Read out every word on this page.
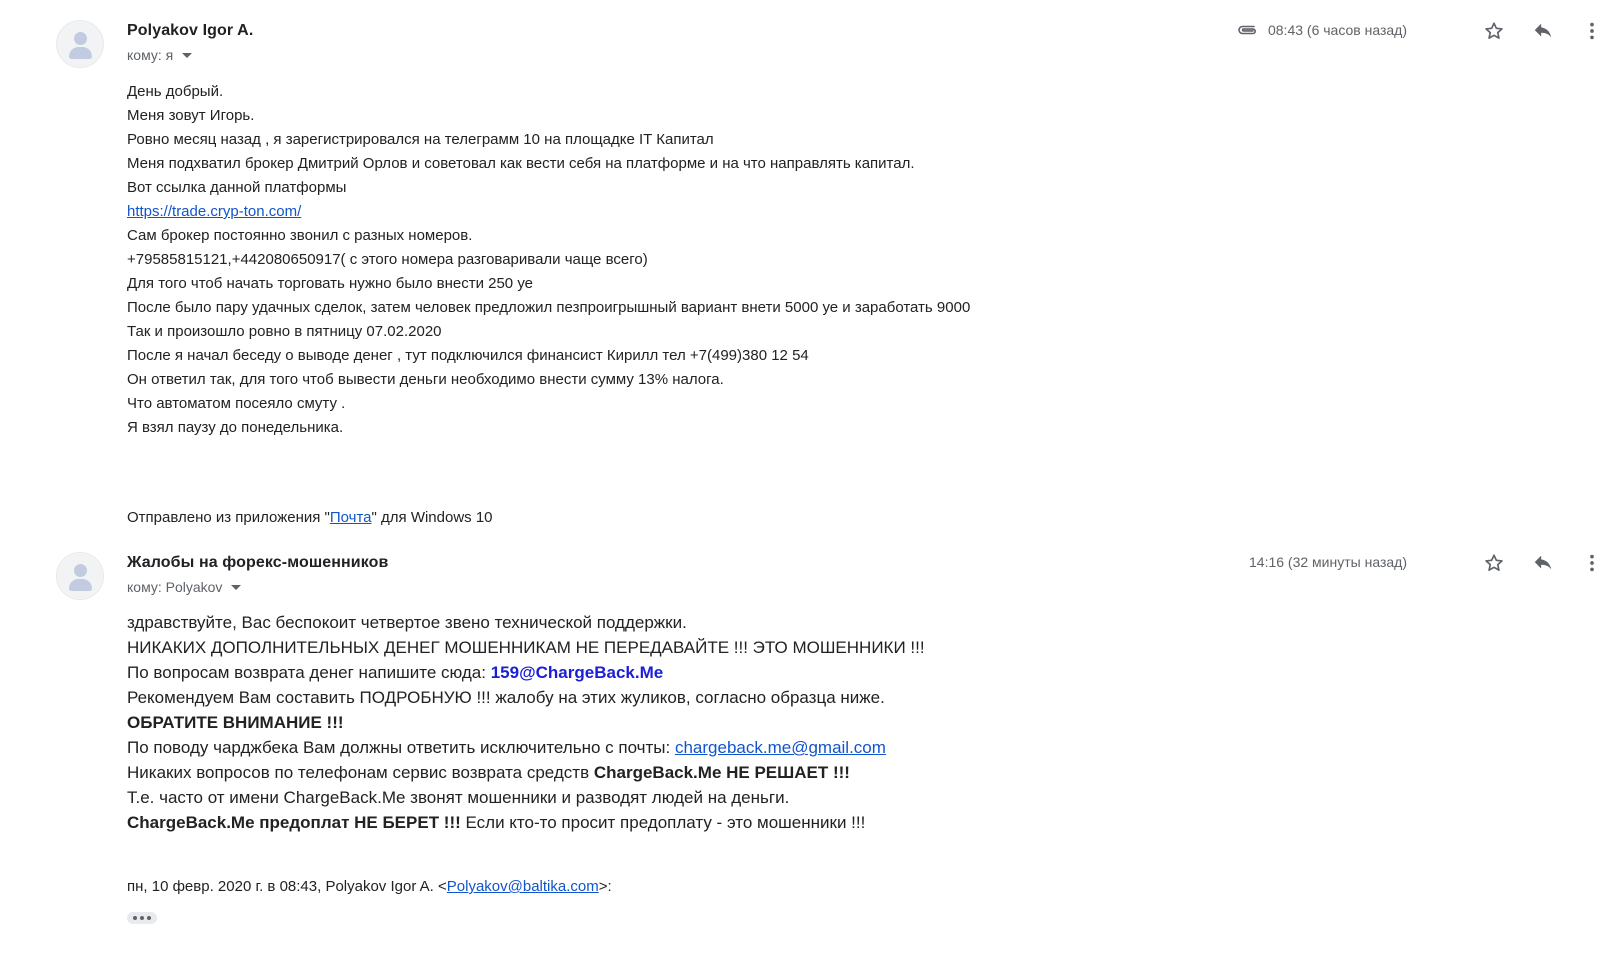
Polyakov Igor A.
кому: я
08:43 (6 часов назад)
День добрый.
Меня зовут Игорь.
Ровно месяц назад , я зарегистрировался на телеграмм 10 на площадке IT Капитал
Меня подхватил брокер Дмитрий Орлов и советовал как вести себя на платформе и на что направлять капитал.
Вот ссылка данной платформы
https://trade.cryp-ton.com/
Сам брокер постоянно звонил с разных номеров.
+79585815121,+442080650917( с этого номера разговаривали чаще всего)
Для того чтоб начать торговать нужно было внести 250 уе
После было пару удачных сделок, затем человек предложил пезпроигрышный вариант внети 5000 уе и заработать 9000
Так и произошло ровно в пятницу 07.02.2020
После я начал беседу о выводе денег , тут подключился финансист Кирилл тел +7(499)380 12 54
Он ответил так, для того чтоб вывести деньги необходимо внести сумму 13% налога.
Что автоматом посеяло смуту .
Я взял паузу до понедельника.
Отправлено из приложения "Почта" для Windows 10
Жалобы на форекс-мошенников
кому: Polyakov
14:16 (32 минуты назад)
здравствуйте, Вас беспокоит четвертое звено технической поддержки.
НИКАКИХ ДОПОЛНИТЕЛЬНЫХ ДЕНЕГ МОШЕННИКАМ НЕ ПЕРЕДАВАЙТЕ !!! ЭТО МОШЕННИКИ !!!
По вопросам возврата денег напишите сюда: 159@ChargeBack.Me
Рекомендуем Вам составить ПОДРОБНУЮ !!! жалобу на этих жуликов, согласно образца ниже.
ОБРАТИТЕ ВНИМАНИЕ !!!
По поводу чарджбека Вам должны ответить исключительно с почты: chargeback.me@gmail.com
Никаких вопросов по телефонам сервис возврата средств ChargeBack.Me НЕ РЕШАЕТ !!!
Т.е. часто от имени ChargeBack.Me звонят мошенники и разводят людей на деньги.
ChargeBack.Me предоплат НЕ БЕРЕТ !!! Если кто-то просит предоплату - это мошенники !!!
пн, 10 февр. 2020 г. в 08:43, Polyakov Igor A. <Polyakov@baltika.com>:
